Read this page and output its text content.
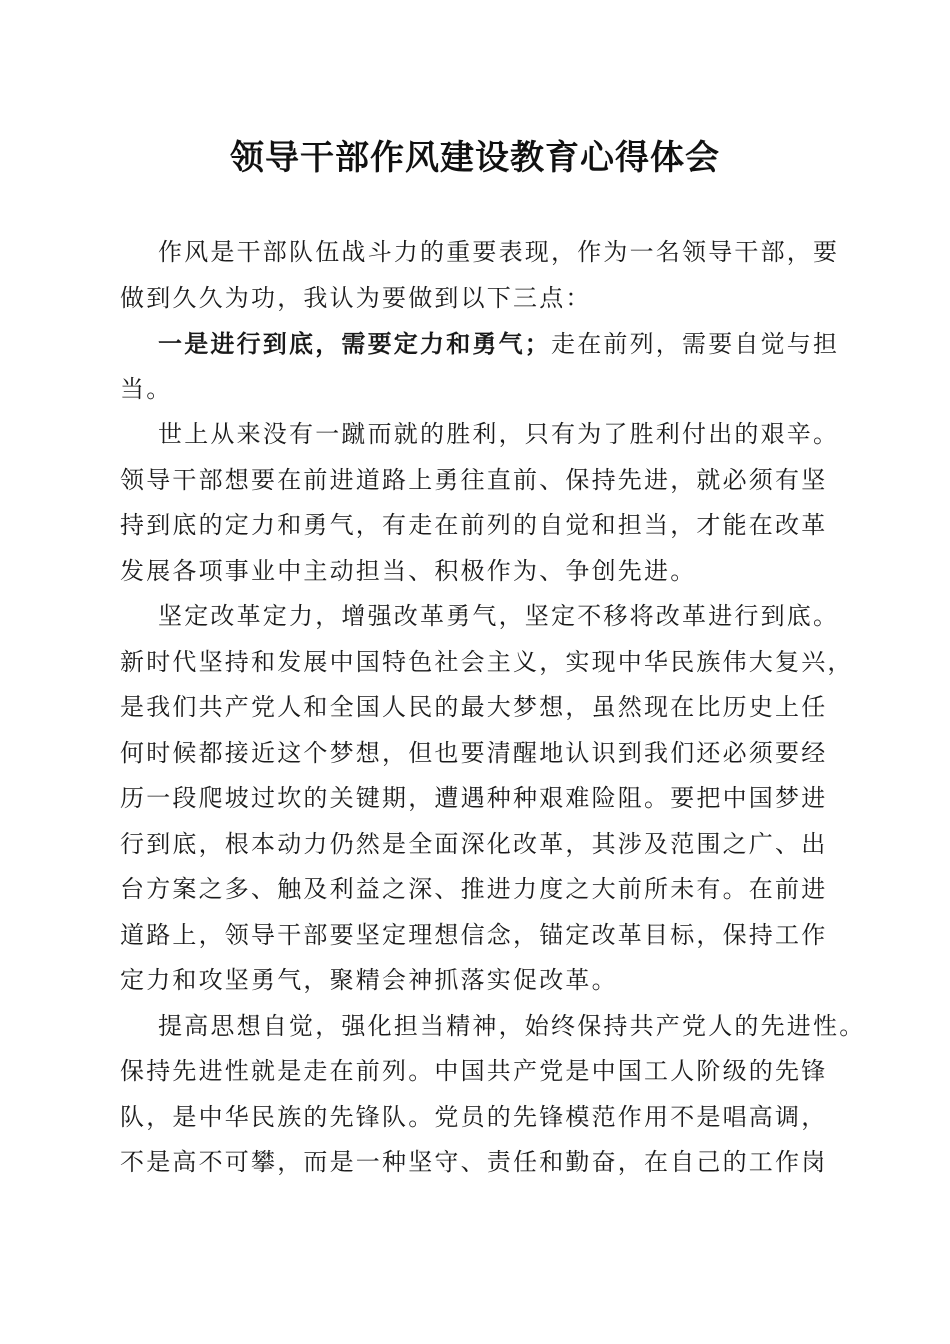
领导干部作风建设教育心得体会
作风是干部队伍战斗力的重要表现，作为一名领导干部，要
做到久久为功，我认为要做到以下三点：
一是进行到底，需要定力和勇气；走在前列，需要自觉与担
当。
世上从来没有一蹴而就的胜利，只有为了胜利付出的艰辛。
领导干部想要在前进道路上勇往直前、保持先进，就必须有坚
持到底的定力和勇气，有走在前列的自觉和担当，才能在改革
发展各项事业中主动担当、积极作为、争创先进。
坚定改革定力，增强改革勇气，坚定不移将改革进行到底。
新时代坚持和发展中国特色社会主义，实现中华民族伟大复兴，
是我们共产党人和全国人民的最大梦想，虽然现在比历史上任
何时候都接近这个梦想，但也要清醒地认识到我们还必须要经
历一段爬坡过坎的关键期，遭遇种种艰难险阻。要把中国梦进
行到底，根本动力仍然是全面深化改革，其涉及范围之广、出
台方案之多、触及利益之深、推进力度之大前所未有。在前进
道路上，领导干部要坚定理想信念，锚定改革目标，保持工作
定力和攻坚勇气，聚精会神抓落实促改革。
提高思想自觉，强化担当精神，始终保持共产党人的先进性。
保持先进性就是走在前列。中国共产党是中国工人阶级的先锋
队，是中华民族的先锋队。党员的先锋模范作用不是唱高调，
不是高不可攀，而是一种坚守、责任和勤奋，在自己的工作岗
